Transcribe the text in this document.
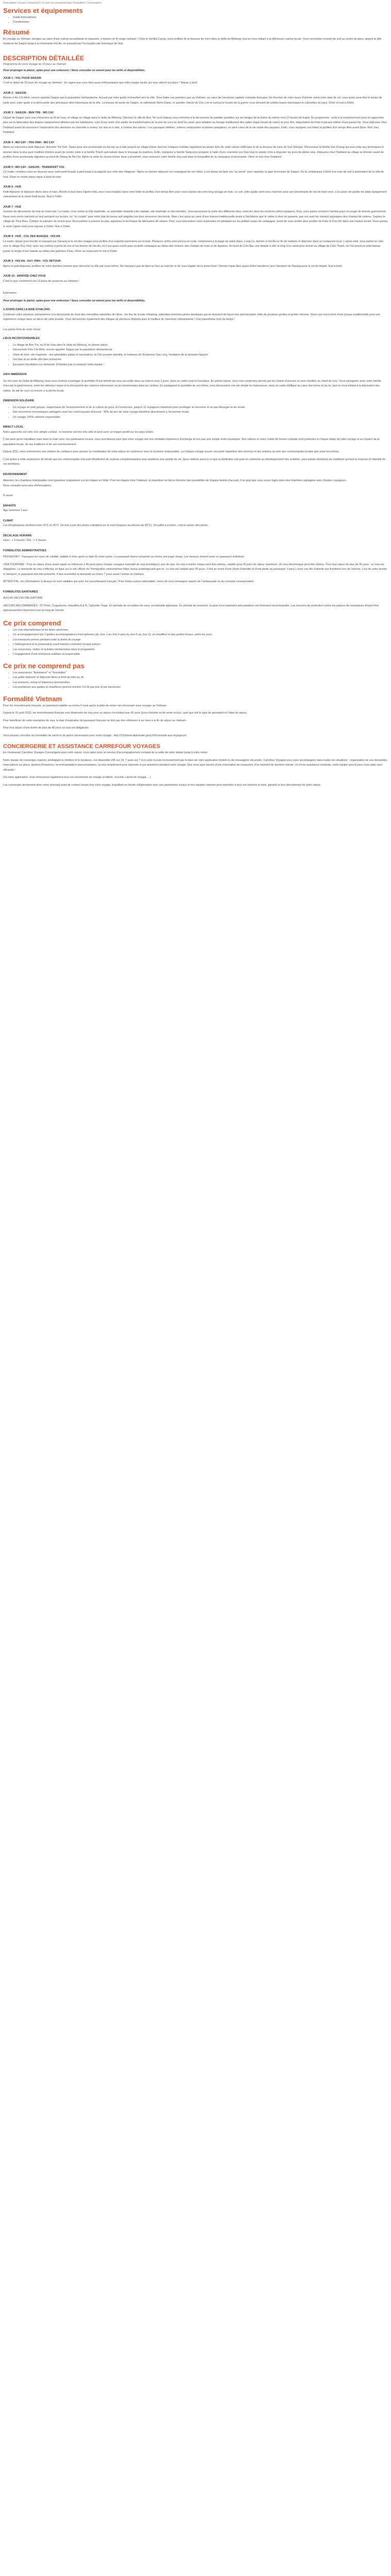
Description Cà prix comprend | Ce prix ne comprend pas Formalités Conciergerie

Services et équipements
• Guide francophone
• Coordonnées
Résumé

En voyage au Vietnam, plongez au cœur d'une culture accueillante et repassée, à travers un fil rouge culinaire ! Chez le Senilla Cuong, vous profitez de la douceur de vivre dans le delta du Mékong, tout en vous initiant à la délicieuse cuisine locale. Vous rencontrez ensuite de sud au centre du pays, depuis la ville moderne de Saigon jusqu'à la charmante Hoi An, en passant par l'incroyable site historique de Hué.

DESCRIPTION DÉTAILLÉE

Programme de votre voyage de 10 jours au Vietnam

Pour prolonger le plaisir, optez pour une extension ! Nous consulter en amont pour les tarifs et disponibilités.

JOUR 1 : VOL POUR SAIGON

C'est le début de 10 jours de voyage au Vietnam : En vigère que vous êtes aussi enthousiastes que votre équipe locale qui vous attend sur place ! Repas à bord.

JOUR 2 : SAIGON

Arrivée à Ho Chi Minh, encore appelée Saigon par la population vietnamienne. Accueil par votre guide et transfert vers la ville. Vous faites vos premiers pas au Vietnam, au cœur de l'ancienne capitale coloniale française. En fonction de votre heure d'arrivée selon votre plan de vol, vous aurez peut-être le temps de partir avec votre guide à la découverte des principaux sites historiques de la ville. La bureau de poste de Saigon, la cathédrale Notre-Dame, le quartier chinois de Cho Lon et surtout le musée de la guerre vous donnent de solides bases historiques et culturelles du pays. Dîner et nuit à l'hôtel.

JOUR 3 : SAIGON - BEN TRE - MO CAY

Départ de Saigon pour une immersion au fil de l'eau, et village en village dans le delta du Mékong. Direction la ville de Ben Tre où le bateau vous emmène à la découverte du paisible quotidien sur les berges de la rivière du même nom (2 heures de trajet). Au programme : arrêt à la moyenne/ceux pour en apprendre plus sur la fabrication des briques typiquement utilisées par les habitations, suivi d'une visite d'un atelier de transformation de la noix de coco au bord du canal, puis initiation au tissage traditionnel des nattes (tapis tressé de carex) et pour finir, dégustation de fruits tropicaux même d'une pause thé. Vous déjeunez chez l'habitant avant de poursuivre l'exploration des alentours en charrette à moteur (en lisà ou à vélo, à l'ombre des arbres ! Les paysages défilent : rizières verdoyantes et plaines potagères, en plein cœur de la vie rurale des paysans. Enfin, vous rejoignez vos hôtes et profitez d'un temps libre avant dîner. Nuit chez l'habitant.

JOUR 4 : MO CAY - TRA VINH - MO CAY

Après un savoureux petit déjeuner, direction Tra Vinh. Optez pour une promenade en tuk-tuk ou à vélo jusqu'à un village khmer dont les hiraques mondes rappellent les temps forts de cette culture millénaire et de la douceur de vivre du Sud Vietnam. Rencontrez la famille Son Hoang qui vous initie aux techniques et donnez dans la plus pure tradition khmère avant de rendre visite à la famille Thanh spécialisée dans le tressage du bambou. Enfin, rejoignez la famille Sang pour préparer à l'aide d'une cuisinière son Dao Hop ini plante riche à déguster les jours de pleine lune. Déjeunez chez l'habitant au village se khomer avant de profiter d'une promenade digestive au bord de l'étang de Ba Om. Après la visite du musée khmer situé à proximité, vous retrouvez votre famille d'accueil dans la tranquillité de la campagne environnante. Dîner et nuit chez l'habitant.

JOUR 5 : MO CAY - SAIGON - TRANSFERT VOL

Cé matin, revitaliez-vous en douceur avec votre petit-beaute à pied jusqu'à la pagode aux cités des villageois ! Après un dernier déjeuner en compagnie de vos hôtes, il est temps de faire vos "au revoir" pour rejoindre la gare ferroviaire de Saigon. De là, embarquez à bord d'un train de nuit à destination de la ville de Hué. Dîner en mode pique-nique à bord du train.

JOUR 6 : HUÉ

Petit-déjeuner et déjeuner libres dans le train. Arrivée à Hué dans l'après-midi, vous vous installez dans votre hôtel et profitez d'un temps libre pour vous reposer de votre long voyage en train. Le soir, votre guide vient vous chercher pour une promenade de nuit de Hué nocé. L'occasion de goûter les plats typiquement vietnamiens et la street food locale. Nuit à l'hôtel.

JOUR 7 : HUÉ

Journée de découverte de Hué en moto-taxi ! Le matin, vous visitez la Cité Impériale, sa splendide citadelle (cité capitale, site impériale et cité interdite). Vous poursuivez la visite des différents sites, réservez dans les environs (arbre typiques). Puis, vous partez à travers l'arrière-pays en usage de boeufs gastronomie. Nous vous encre riaiment un seul aéroport sur lecture, ou "un couple" pour votre plat de bonne aux pagodes les plus anciennes des bords. Mais c'est aussi au cœur d'une maison traditionnelle jouée à l'architecte que le calme à vivre se passera, que vos auto les oiseaux paysagers des champs de rizières. Gagnez le village de Thuy Bieu. Célèbre et culinaire de renom pour l'écosystème à poisson du plat, apprenez la technique de fabrication de rubans. Puis, vous poursuivez votre exploration en pédalant sur les petites routes de campagne, avant de vous arrêter pour profiter de fruits et d'un thé dans une maison locale. Vous prenez le reste l'après-midi vous reposer à l'hôtel. Nuit à l'hôtel.

JOUR 8 : HUÉ - COL DES NUAGES - HOI AN

Le matin, départ pour Hoi An en passant par Danang et le col des nuages pour profiter d'un superbe panorama sur la baie. Plusieurs arrêts sont prévus en route, notamment à la plage de sable blanc, Lang Co. Arrivée à Hoi An en fin de matinée et déjeuner dans un restaurant local. L'après-midi, vous partez en vélo vers le village Duy Vinh, avec ses rizières à perte de vue et les fermes de Hoi An, où il est aussi connu pour sa belle campagne au milieu des rizières, des champs de maïs et de légumes. Au bord du Cửa Đại, une balade à vélo le long d'un canal pour arriver au village de Cẩm Thanh, où l'on prend un petit bateau panier le temps d'une balade au milieu des palmiers d'eau. Dîner au restaurant et nuit à l'hôtel.

JOUR 9 : HOI AN - DUY VINH - VOL RETOUR

Après le petit-déjeuner, profitez de votre dernière journée pour découvrir la ville par vous-même. Ne manquez pas de faire un tour au marché et de vous régaler de la street food ! Dernier repas libre avant d'être transférés vers l'aéroport de Danang pour le vol de départ. Nuit à bord.

JOUR 10 : ARRIVÉE CHEZ VOUS

C'est ici que s'achèvent vos 10 jours de vacances au Vietnam !

Extensions :

Pour prolonger le plaisir, optez pour une extension ! Nous consulter en amont pour les tarifs et disponibilités.

3 JOURS DANS LA BAIE D'HALONG

Continuez votre aventure vietnamienne à la découverte de l'une des merveilles naturelles de l'Asie : les îles de la baie d'Halong, splendeur énormes pitons karstiques qui se dressent de façon très spectaculaire, hôte de plusieurs grottes et grotte chinoise. Vivez une nuit à bord d'une jonque traditionnelle pour une expérience unique dans un décor de carte postale. Vous découvrirez également des villages de pêcheurs flottants pour le meilleur de l'aventure vietnamienne ! Une parenthèse hors du temps !

Les points forts de votre circuit :

LIEUX INCONTOURNABLES

• Le village de Ben Tre, au fil de l'eau dans le delta du Mékong, en pleine nature
• Découverte d'Ho Chi Minh, encore appelée Saigon par la population vietnamienne
• Visite de Hué, cité impériale : ses splendides palais et sanctuaires, la Cité pourpre interdite, le tombeau de l'Empereur Gia Long, fondateur de la dynastie Nguyen
• Hoi Han et sa vieille ville bien préservée
• Excursion facultative sur demande: N'hésitez pas à contacter notre équipe !

100% IMMERSION

Sur les rives du Delta du Mékong, nous vous invitons à partager le quotidien d'une famille qui vous accueille dans sa maison pour 2 jours, dans un cadre rural et bucolique. En pleine nature, vous vous endormez bercés par les chants d'oiseaux et vous réveillez au chant du coq ! Vous partagerez avec votre famille d'accueil la gastronomie, entre les délicieux repas et la découverte des saveurs méconnues ou les promenades dans les rizières. En partageant le quotidien de vos hôtes, vous découvrirez une vie simple et chaleureuse, dans un cadre idyllique au cœur des terres et du riz, tout en vous initiant à la fabrication des nattes, du lait de coco ou encore à la pêche locale.

DIMENSION SOLIDAIRE

• Un voyage en petit groupe, respectueux de l'environnement et de la culture du pays. En immersion, jusqu'à 12 voyageurs maximum pour privilégier la rencontre et ne pas déranger la vie locale.
• Des rencontres économiques partagées avec les communautés d'accueil : 45% du prix de votre voyage bénéficie directement à l'économie locale.
• Un voyage 100% carbone responsable.

IMPACT LOCAL

Notre approche est celle d'un simple constat : le tourisme est très très utile et peut avoir un impact positif sur les pays visités.

C'est ainsi qu'en travaillant main dans la main avec nos partenaires locaux, nous tout faisons pour que notre voyage soit une véritable expérience d'échange et non pas une simple visite touristique. Nos valeurs et notre charte de bonne conduite sont présentes à chaque étape de votre voyage et au respect de la population locale, de ses traditions et de son environnement.

Depuis 2011, nous entretenons une relation de confiance pour assurer la coordination de votre séjour en cohérence avec le tourisme responsable. La Chaque voyage assure une juste répartition des revenus et des emplois au sein des communautés locales que vous rencontrez.

C'est grâce à cette expérience de terrain que les communautés d'accueil bénéficient de revenus complémentaires pour améliorer leur qualité de vie. Nous veillons aussi à ce que la rétribution soit juste et cohérente au développement des activités, sans jamais dénaturer les traditions qui font la richesse et l'identité de ces territoires.

ENVIRONNEMENT

Attention, les chambres individuelles sont garanties uniquement sur les étapes en hôtel. Pour les étapes chez l'habitant, la répartition se fait en fonction des possibilités de chaque famille d'accueil, il se peut que vous soyez logés dans des chambres partagées avec d'autres voyageurs.

Nous consulter pour plus d'informations.

À savoir

ENFANTS

Âge minimum 3 ans

CLIMAT

Les températures oscillent entre 20°C et 35°C. De mai à juin des pluies s'abattent sur le nord (toujours au-dessus de 40°C). De juillet à octobre, c'est la saison des pluies.

DÉCALAGE HORAIRE

Hiver : + 6 heures / Été : + 5 heures

FORMALITÉS ADMINISTRATIVES

PASSEPORT : Passeport en cours de validité, valable 6 mois après la date de votre retour. Le passeport devra comporter au moins une page vierge. Les mineurs doivent avoir un passeport individuel.

VISA TOURISME : Pour un séjour d'une durée égale ou inférieure à 45 jours (pour chaque voyageur exempté de visa touristique), pas de visa. Un visa à entrée unique peut être obtenu, valable pour 90 jours de séjour maximum. Un visa électronique peut être obtenu. Pour tout séjour de plus de 45 jours : un visa est obligatoire. La demande de visa s'effectue en ligne sur le site officiel de l'Immigration vietnamienne https://evisa.xuatnhapcanh.gov.vn. Le visa est valable pour 90 jours. Il faut se munir d'une photo d'identité et d'une photo du passeport. Il peut y avoir une file d'attente aux frontières lors de l'arrivée. Lors de votre arrivée à l'aéroport, le passeport doit être présenté. Il faut soumettre la demande au moins 7 jours avant l'entrée au Vietnam.

ATTENTION : les informations ci-dessus ne sont valables que pour les ressortissants français ! Pour toutes autres nationalités, merci de vous renseigner auprès de l'ambassade ou du consulat correspondant.

FORMALITÉS SANITAIRES

AUCUN VACCIN OBLIGATOIRE

VACCINS RECOMMANDÉS : DT Polio, Coqueluche, Hépatites A & B, Typhoïde, Rage. En période de circulation du virus, encéphalite japonaise. En période de mousson, la prise d'un traitement anti-paludéen est fortement recommandée. Les mesures de protection contre les piqûres de moustiques doivent être rigoureusement observées tout au long de l'année.

Ce prix comprend
• Les vols internationaux et les taxes aériennes
• Un accompagnement par 2 guides accompagnateurs francophones (du Jour 1 au Jour 5 puis du Jour 6 au Jour 9), un chauffeur et des guides locaux, selon les jours
• Les transports prévus pendant toute la durée du voyage
• L'hébergement et la restauration (sauf mention contraire) lorsque prévus
• Les excursions, visites et activités mentionnées dans le programme
• L'engagement d'une entreprise solidaire et responsable
Ce prix ne comprend pas
• Les assurances "Assistance" et "Annulation"
• Les petits déjeuner et déjeuner libres à bord du train au J6.
• Les boissons, extras et dépenses personnelles
• Les pourboires aux guides et chauffeurs (prévoir environ 3 à 5€ par jour et par personne)
Formalité Vietnam

Pour les ressortissants français, un passeport valable au moins 6 mois après la date de retour est nécessaire pour voyager au Vietnam.

Depuis le 15 août 2023, les ressortissants français sont dispensés de visa pour un séjour n'excédant pas 45 jours (jours d'entrée et de sortie inclus), quel que soit le type de passeport et l'objet du séjour.

Pour bénéficier de cette exemption de visa, la date d'expiration du passeport français ne doit pas être inférieure à six mois à la fin du séjour au Vietnam.

Pour tout séjour d'une durée de plus de 45 jours un visa est obligatoire.

Vous pouvez consulter les formalités de santé et de police nécessaires pour votre voyage : http://XXXwww.diplomatie.gouv.fr/fr/conseils-aux-voyageurs/

CONCIERGERIE ET ASSISTANCE CARREFOUR VOYAGES

En choisissant Carrefour Voyages Conciergerie pour votre séjour, vous optez pour un service d'accompagnement complet de la veille de votre départ jusqu'à votre retour.

Notre équipe de concierges experts, privilégiant le meilleur et le tendance, est disponible 24h sur 24, 7 jours sur 7 et à votre écoute exclusivement par le biais de votre application mobile ou de messagerie sécurisée, Carrefour Voyages pour vous accompagner dans toutes les situations : organisation de vos demandes, réservations sur place, gestion d'imprévus, recommandations personnalisées, ou tout simplement pour répondre à vos questions pendant votre voyage. Que vous ayez besoin d'une réservation de restaurant, d'un transfert de dernière minute, ou d'une assistance médicale, notre équipe sera là pour vous aider avec efficacité !

Via notre application, vous retrouverez également tous vos documents de voyage (e-billets, voucher, carnet de voyage, ...)

Les concierges deviennent donc votre principal point de contact durant tout votre voyage, travaillant en étroite collaboration avec nos partenaires locaux et nos équipes internes pour répondre à tous vos besoins et ainsi, garantir le bon déroulement de votre séjour.
